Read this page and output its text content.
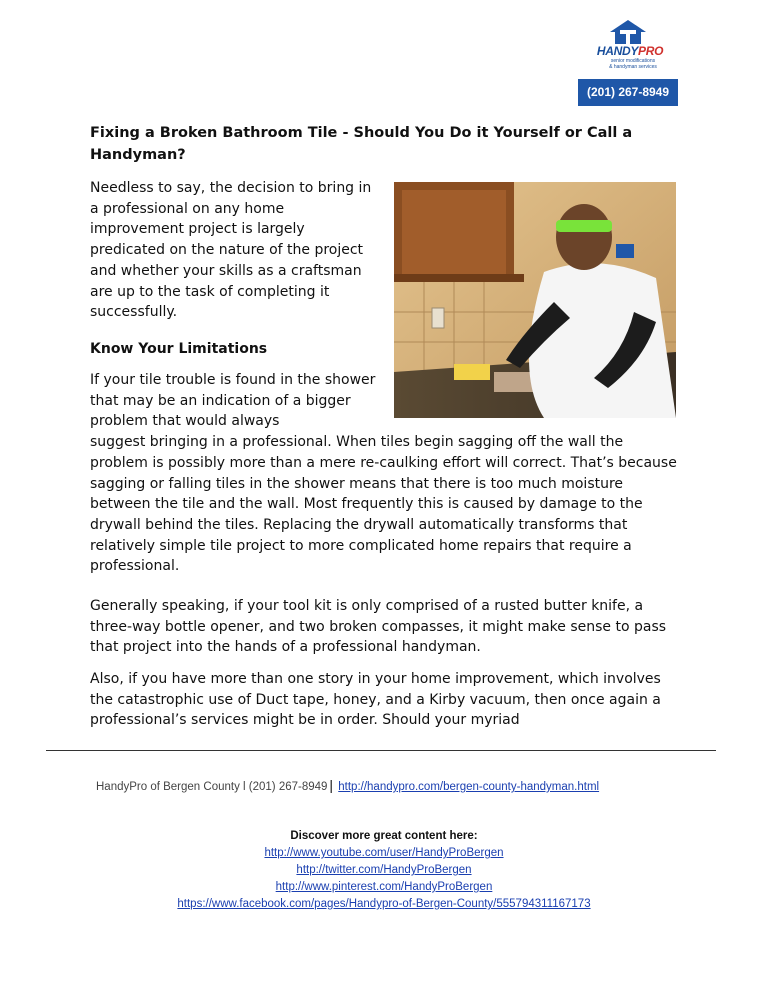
HANDYPRO
senior modifications
& handyman services
(201) 267-8949
Fixing a Broken Bathroom Tile - Should You Do it Yourself or Call a Handyman?

Needless to say, the decision to bring in a professional on any home improvement project is largely predicated on the nature of the project and whether your skills as a craftsman are up to the task of completing it successfully.

Know Your Limitations
If your tile trouble is found in the shower that may be an indication of a bigger problem that would always
suggest bringing in a professional. When tiles begin sagging off the wall the problem is possibly more than a mere re-caulking effort will correct. That’s because sagging or falling tiles in the shower means that there is too much moisture between the tile and the wall. Most frequently this is caused by damage to the drywall behind the tiles. Replacing the drywall automatically transforms that relatively simple tile project to more complicated home repairs that require a professional.

Generally speaking, if your tool kit is only comprised of a rusted butter knife, a three-way bottle opener, and two broken compasses, it might make sense to pass that project into the hands of a professional handyman.

Also, if you have more than one story in your home improvement, which involves the catastrophic use of Duct tape, honey, and a Kirby vacuum, then once again a professional’s services might be in order. Should your myriad

HandyPro of Bergen County l (201) 267-8949 | http://handypro.com/bergen-county-handyman.html
Discover more great content here:
http://www.youtube.com/user/HandyProBergen
http://twitter.com/HandyProBergen
http://www.pinterest.com/HandyProBergen
https://www.facebook.com/pages/Handypro-of-Bergen-County/555794311167173
